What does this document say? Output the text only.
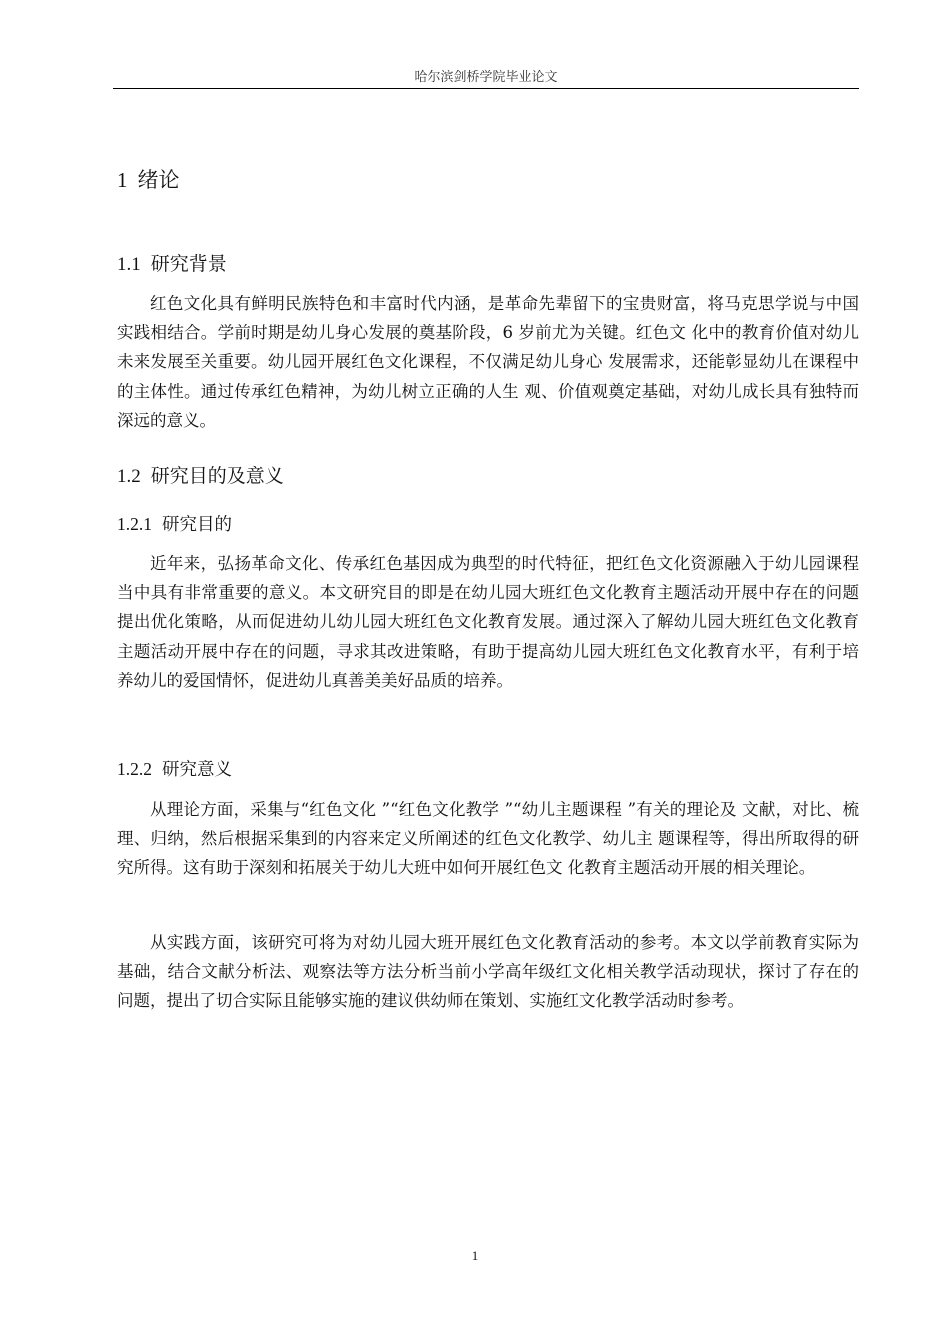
哈尔滨剑桥学院毕业论文
1 绪论
1.1 研究背景

红色文化具有鲜明民族特色和丰富时代内涵，是革命先辈留下的宝贵财富，将马克思学说与中国实践相结合。学前时期是幼儿身心发展的奠基阶段，6 岁前尤为关键。红色文 化中的教育价值对幼儿未来发展至关重要。幼儿园开展红色文化课程，不仅满足幼儿身心 发展需求，还能彰显幼儿在课程中的主体性。通过传承红色精神，为幼儿树立正确的人生 观、价值观奠定基础，对幼儿成长具有独特而深远的意义。

1.2 研究目的及意义
1.2.1 研究目的

近年来，弘扬革命文化、传承红色基因成为典型的时代特征，把红色文化资源融入于幼儿园课程当中具有非常重要的意义。本文研究目的即是在幼儿园大班红色文化教育主题活动开展中存在的问题提出优化策略，从而促进幼儿幼儿园大班红色文化教育发展。通过深入了解幼儿园大班红色文化教育主题活动开展中存在的问题，寻求其改进策略，有助于提高幼儿园大班红色文化教育水平，有利于培养幼儿的爱国情怀，促进幼儿真善美美好品质的培养。

1.2.2 研究意义

从理论方面，采集与“红色文化 ”“红色文化教学 ”“幼儿主题课程 ”有关的理论及 文献，对比、梳理、归纳，然后根据采集到的内容来定义所阐述的红色文化教学、幼儿主 题课程等，得出所取得的研究所得。这有助于深刻和拓展关于幼儿大班中如何开展红色文 化教育主题活动开展的相关理论。

从实践方面，该研究可将为对幼儿园大班开展红色文化教育活动的参考。本文以学前教育实际为基础，结合文献分析法、观察法等方法分析当前小学高年级红文化相关教学活动现状，探讨了存在的问题，提出了切合实际且能够实施的建议供幼师在策划、实施红文化教学活动时参考。

1
